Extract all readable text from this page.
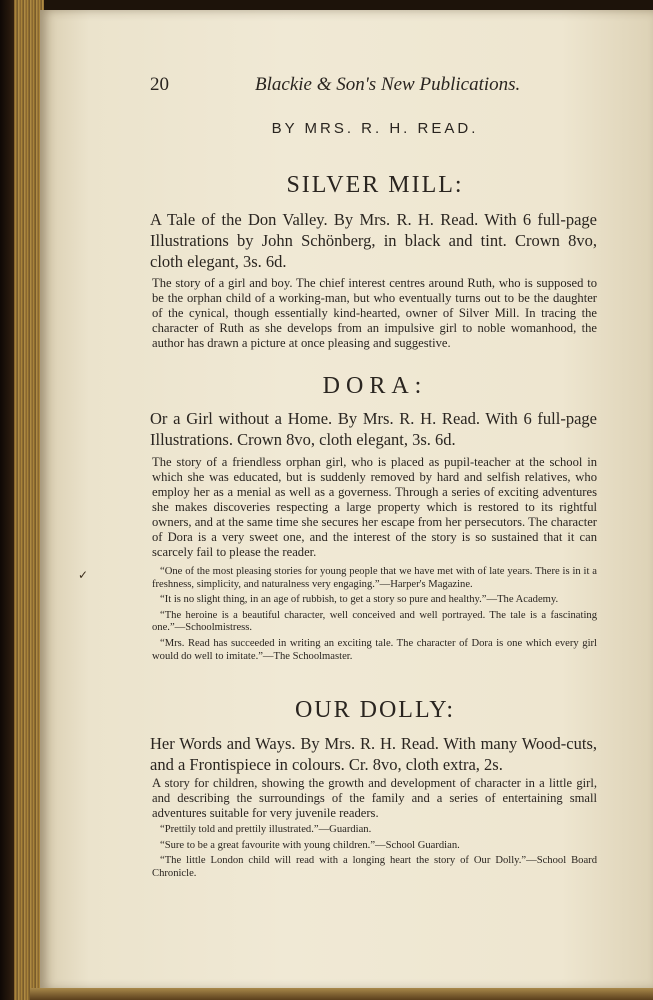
20	Blackie & Son's New Publications.
BY MRS. R. H. READ.
SILVER MILL:

A Tale of the Don Valley. By Mrs. R. H. Read. With 6 full-page Illustrations by John Schönberg, in black and tint. Crown 8vo, cloth elegant, 3s. 6d.

The story of a girl and boy. The chief interest centres around Ruth, who is supposed to be the orphan child of a working-man, but who eventually turns out to be the daughter of the cynical, though essentially kind-hearted, owner of Silver Mill. In tracing the character of Ruth as she develops from an impulsive girl to noble womanhood, the author has drawn a picture at once pleasing and suggestive.

DORA:

Or a Girl without a Home. By Mrs. R. H. Read. With 6 full-page Illustrations. Crown 8vo, cloth elegant, 3s. 6d.

The story of a friendless orphan girl, who is placed as pupil-teacher at the school in which she was educated, but is suddenly removed by hard and selfish relatives, who employ her as a menial as well as a governess. Through a series of exciting adventures she makes discoveries respecting a large property which is restored to its rightful owners, and at the same time she secures her escape from her persecutors. The character of Dora is a very sweet one, and the interest of the story is so sustained that it can scarcely fail to please the reader.

“One of the most pleasing stories for young people that we have met with of late years. There is in it a freshness, simplicity, and naturalness very engaging.”—Harper's Magazine.

“It is no slight thing, in an age of rubbish, to get a story so pure and healthy.”—The Academy.

“The heroine is a beautiful character, well conceived and well portrayed. The tale is a fascinating one.”—Schoolmistress.

“Mrs. Read has succeeded in writing an exciting tale. The character of Dora is one which every girl would do well to imitate.”—The Schoolmaster.

✓
OUR DOLLY:

Her Words and Ways. By Mrs. R. H. Read. With many Wood-cuts, and a Frontispiece in colours. Cr. 8vo, cloth extra, 2s.

A story for children, showing the growth and development of character in a little girl, and describing the surroundings of the family and a series of entertaining small adventures suitable for very juvenile readers.

“Prettily told and prettily illustrated.”—Guardian.

“Sure to be a great favourite with young children.”—School Guardian.

“The little London child will read with a longing heart the story of Our Dolly.”—School Board Chronicle.
